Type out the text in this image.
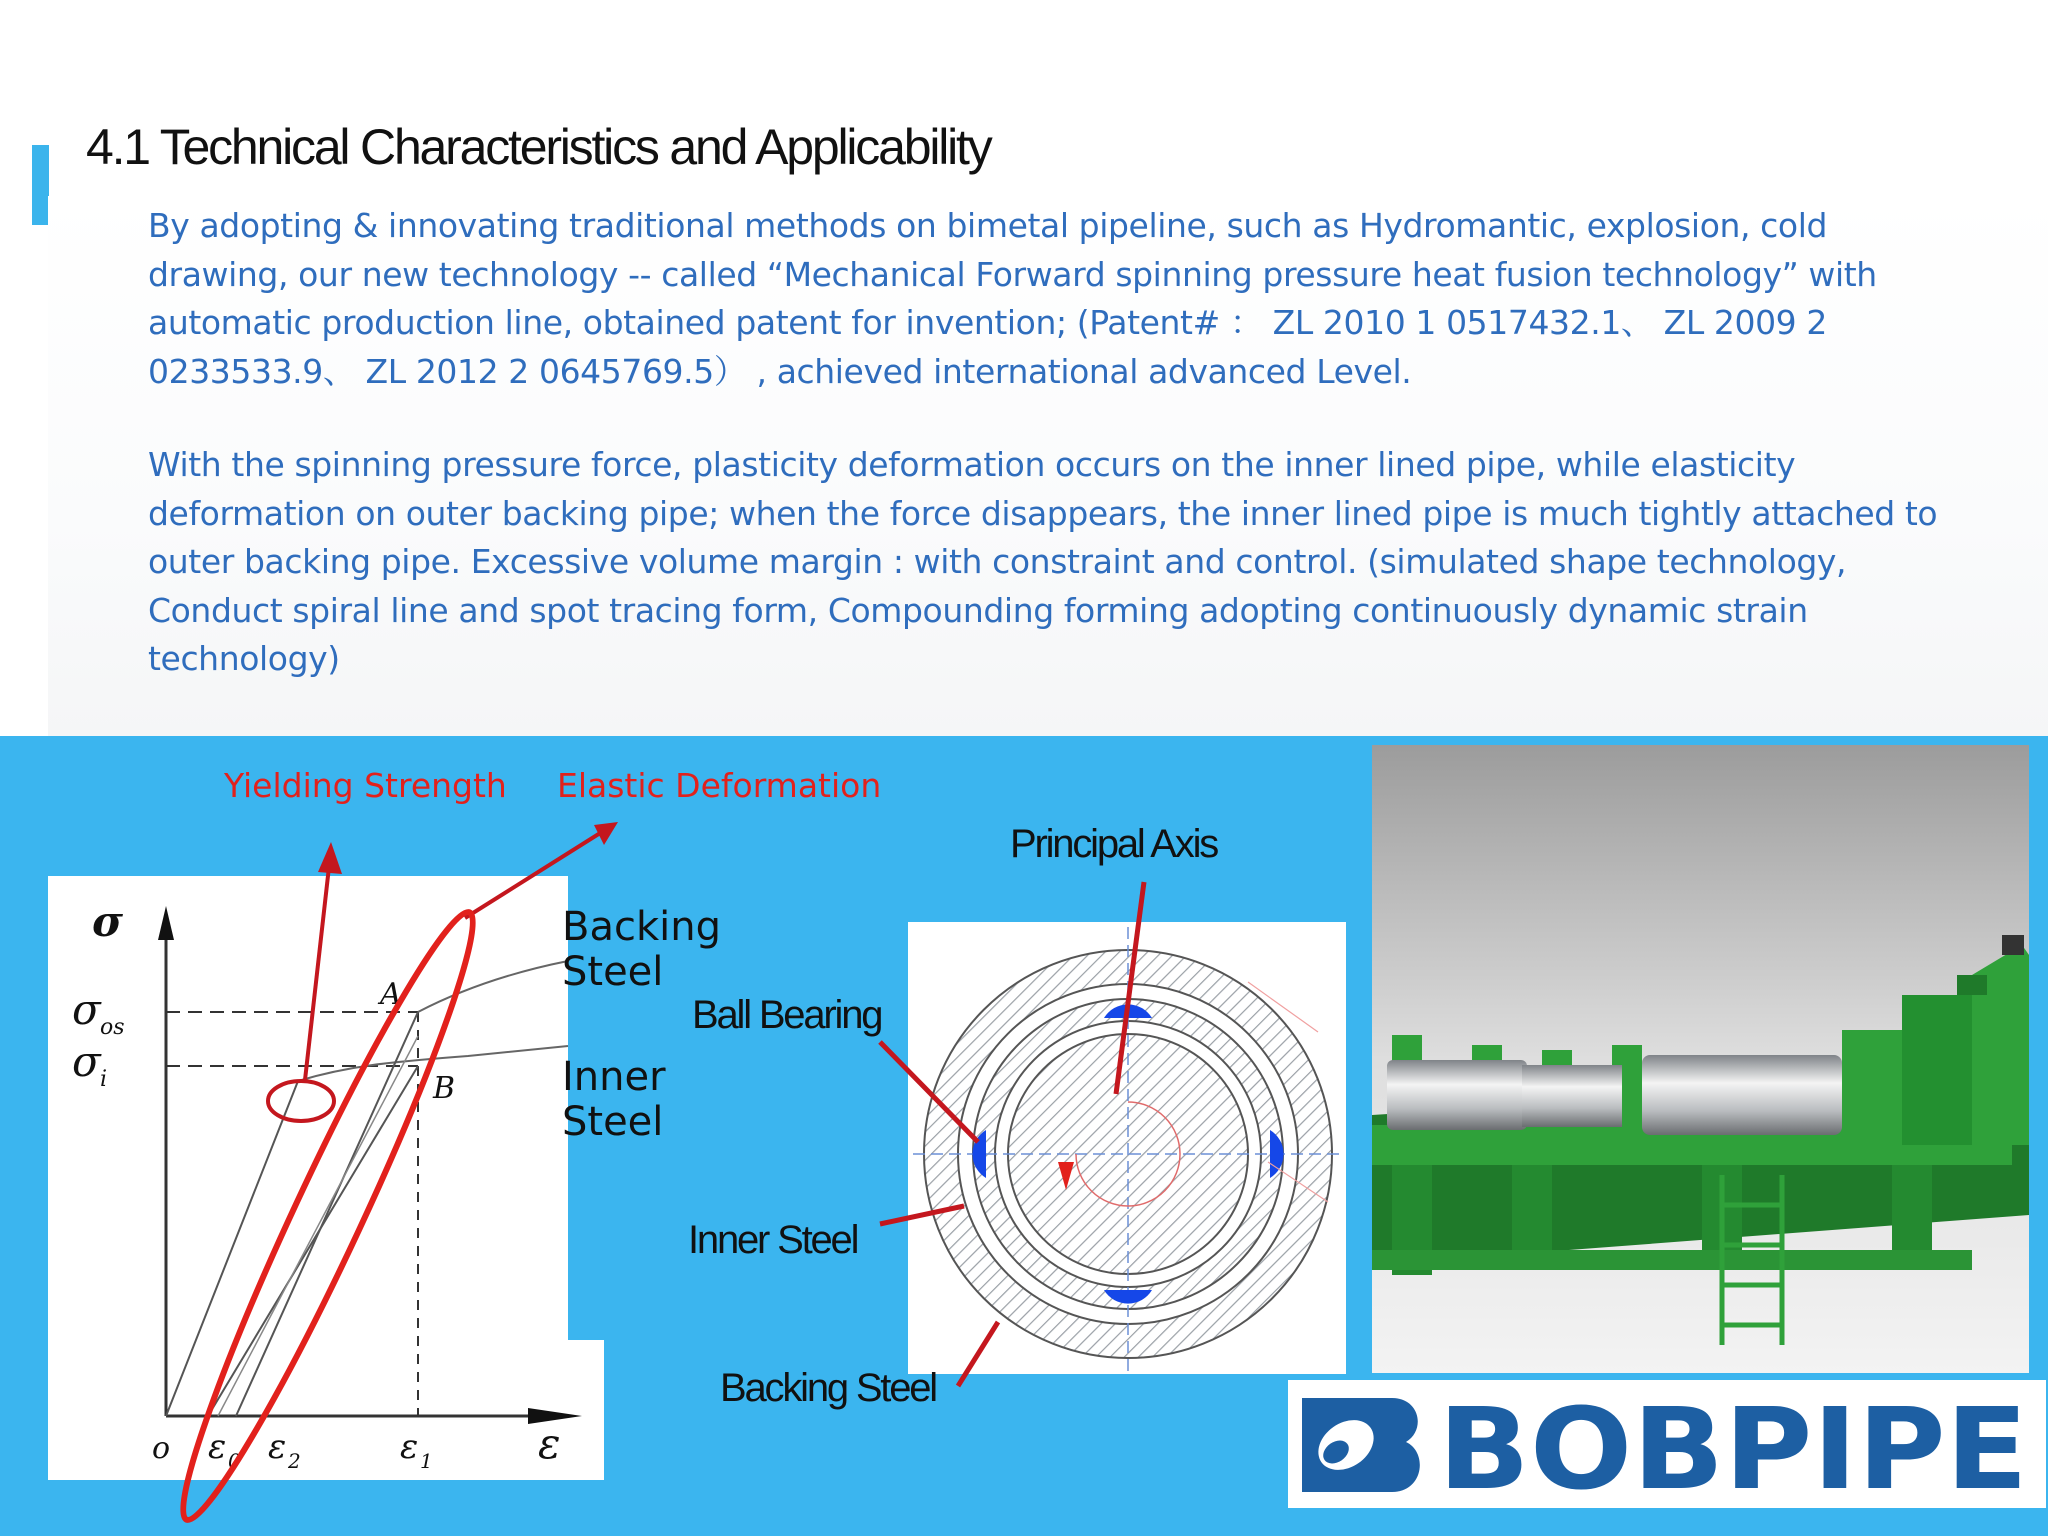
4.1 Technical Characteristics and Applicability

By adopting & innovating traditional methods on bimetal pipeline, such as Hydromantic, explosion, cold drawing, our new technology -- called “Mechanical Forward spinning pressure heat fusion technology” with automatic production line, obtained patent for invention; (Patent# ： ZL 2010 1 0517432.1、 ZL 2009 2 0233533.9、 ZL 2012 2 0645769.5） , achieved international advanced Level.

With the spinning pressure force, plasticity deformation occurs on the inner lined pipe, while elasticity deformation on outer backing pipe; when the force disappears, the inner lined pipe is much tightly attached to outer backing pipe. Excessive volume margin : with constraint and control. (simulated shape technology, Conduct spiral line and spot tracing form, Compounding forming adopting continuously dynamic strain technology)

σ
σ os
σ i
A
B
o ε 0 ε 2	ε 1	ε	BOBPIPE

Yielding Strength Elastic Deformation

Backing
Steel

Inner
Steel

Principal Axis

Ball Bearing

Inner Steel

Backing Steel
